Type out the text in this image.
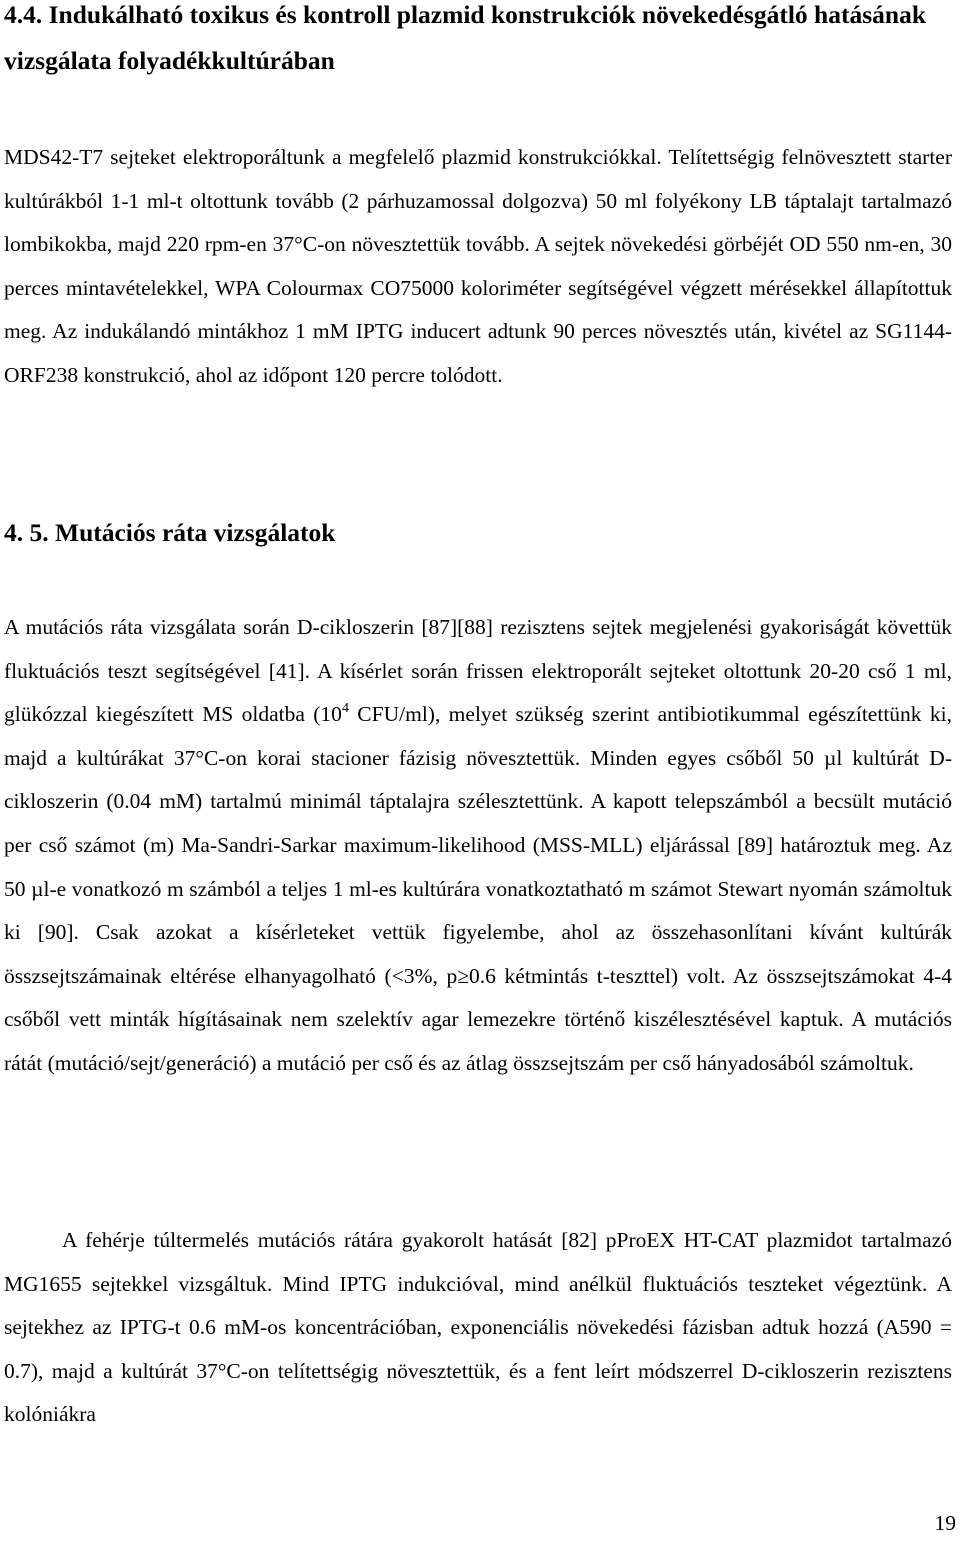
4.4. Indukálható toxikus és kontroll plazmid konstrukciók növekedésgátló hatásának vizsgálata folyadékkultúrában

MDS42-T7 sejteket elektroporáltunk a megfelelő plazmid konstrukciókkal. Telítettségig felnövesztett starter kultúrákból 1-1 ml-t oltottunk tovább (2 párhuzamossal dolgozva) 50 ml folyékony LB táptalajt tartalmazó lombikokba, majd 220 rpm-en 37°C-on növesztettük tovább. A sejtek növekedési görbéjét OD 550 nm-en, 30 perces mintavételekkel, WPA Colourmax CO75000 koloriméter segítségével végzett mérésekkel állapítottuk meg. Az indukálandó mintákhoz 1 mM IPTG inducert adtunk 90 perces növesztés után, kivétel az SG1144-ORF238 konstrukció, ahol az időpont 120 percre tolódott.

4. 5. Mutációs ráta vizsgálatok

A mutációs ráta vizsgálata során D-cikloszerin [87][88] rezisztens sejtek megjelenési gyakoriságát követtük fluktuációs teszt segítségével [41]. A kísérlet során frissen elektroporált sejteket oltottunk 20-20 cső 1 ml, glükózzal kiegészített MS oldatba ($10^4$ CFU/ml), melyet szükség szerint antibiotikummal egészítettünk ki, majd a kultúrákat 37°C-on korai stacioner fázisig növesztettük. Minden egyes csőből 50 µl kultúrát D-cikloszerin (0.04 mM) tartalmú minimál táptalajra szélesztettünk. A kapott telepszámból a becsült mutáció per cső számot (m) Ma-Sandri-Sarkar maximum-likelihood (MSS-MLL) eljárással [89] határoztuk meg. Az 50 µl-e vonatkozó m számból a teljes 1 ml-es kultúrára vonatkoztatható m számot Stewart nyomán számoltuk ki [90]. Csak azokat a kísérleteket vettük figyelembe, ahol az összehasonlítani kívánt kultúrák összsejtszámainak eltérése elhanyagolható (<3%, p≥0.6 kétmintás t-teszttel) volt. Az összsejtszámokat 4-4 csőből vett minták hígításainak nem szelektív agar lemezekre történő kiszélesztésével kaptuk. A mutációs rátát (mutáció/sejt/generáció) a mutáció per cső és az átlag összsejtszám per cső hányadosából számoltuk.

A fehérje túltermelés mutációs rátára gyakorolt hatását [82] pProEX HT-CAT plazmidot tartalmazó MG1655 sejtekkel vizsgáltuk. Mind IPTG indukcióval, mind anélkül fluktuációs teszteket végeztünk. A sejtekhez az IPTG-t 0.6 mM-os koncentrációban, exponenciális növekedési fázisban adtuk hozzá (A590 = 0.7), majd a kultúrát 37°C-on telítettségig növesztettük, és a fent leírt módszerrel D-cikloszerin rezisztens kolóniákra

19
